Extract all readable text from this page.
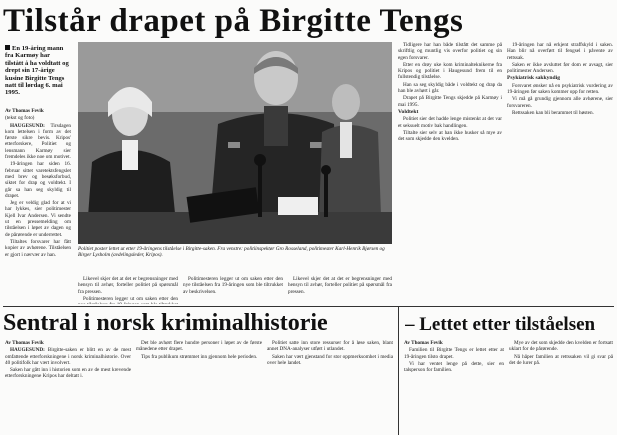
Tilstår drapet på Birgitte Tengs
En 19-åring mann fra Karmøy har tilstått å ha voldtatt og drept sin 17-årige kusine Birgitte Tengs natt til lørdag 6. mai 1995.

Av Thomas Fevik

(tekst og foto)

HAUGESUND: Tirsdagen kom lettelsen i form av det første sikre bevis. Kripos' etterforskere, Politiet og lensmann Karmøy sier fremdeles ikke noe om motivet.

19-åringen har siden 16. februar sittet varetektsfengslet med brev og besøksforbud, siktet for drap og voldtekt. I går sa han seg skyldig til drapet.

Jeg er veldig glad for at vi har lykkes, sier politimester Kjell Ivar Andersen. Vi sendte ut en pressemelding om tilståelsen i løpet av dagen og de pårørende er underrettet.

Tiltaltes forsvarer har fått kopier av avhørene. Tilståelsen er gjort i nærvær av han.

Politiet poster lettet ut etter 19-åringens tilståelse i Birgitte-saken. Fra venstre: politiinspektør Gro Rosseland, politimester Karl-Henrik Bjørsen og Birger Lysholm (avdelingsleder, Kripos).

Likevel skjer det at det er begrensninger med hensyn til avhør, forteller politiet på spørsmål fra pressen.

Politimesteren legger ut om saken etter den

Politimesteren legger ut om saken etter den nye tilståelsen fra 19-åringen som ble tiltrukket av beskrivelsen.

Likevel skjer det at det er begrensninger med hensyn til avhør, forteller politiet på spørsmål fra pressen.

Tidligere har han både tilstått det samme på skriftlig og muntlig vis overfor politiet og sin egen forsvarer.

Etter en drøy uke kom kriminalteknikerne fra Kripos og politiet i Haugesund frem til en fullstendig tilståelse.

Han sa seg skyldig både i voldtekt og drap da han ble avhørt i går.

Drapet på Birgitte Tengs skjedde på Karmøy i mai 1995.

Voldtekt

Politiet sier det hadde lenge mistenkt at det var et seksuelt motiv bak handlingen.

Tiltalte sier selv at han ikke husker så mye av det som skjedde den kvelden.

19-åringen har nå erkjent straffskyld i saken. Han blir nå overført til fengsel i påvente av rettssak.

Saken er ikke avsluttet før dom er avsagt, sier politimester Andersen.

Psykiatrisk sakkyndig

Forsvaret ønsker nå en psykiatrisk vurdering av 19-åringen før saken kommer opp for retten.

Vi må gå grundig gjennom alle avhørene, sier forsvareren.

Rettssaken kan bli berammet til høsten.

Sentral i norsk kriminalhistorie

Av Thomas Fevik

HAUGESUND: Birgitte-saken er blitt en av de mest omfattende etterforskningene i norsk kriminalhistorie. Over 40 politifolk har vært involvert.

Saken har gått inn i historien som en av de mest krevende etterforskningene Kripos har deltatt i.

Det ble avhørt flere hundre personer i løpet av de første månedene etter drapet.

Tips fra publikum strømmet inn gjennom hele perioden.

Politiet satte inn store ressurser for å løse saken, blant annet DNA-analyser utført i utlandet.

Saken har vært gjenstand for stor oppmerksomhet i media over hele landet.

– Lettet etter tilståelsen

Av Thomas Fevik

Familien til Birgitte Tengs er lettet etter at 19-åringen tilsto drapet.

Vi har ventet lenge på dette, sier en talsperson for familien.

Mye av det som skjedde den kvelden er fortsatt uklart for de pårørende.

Nå håper familien at rettssaken vil gi svar på det de lurer på.
